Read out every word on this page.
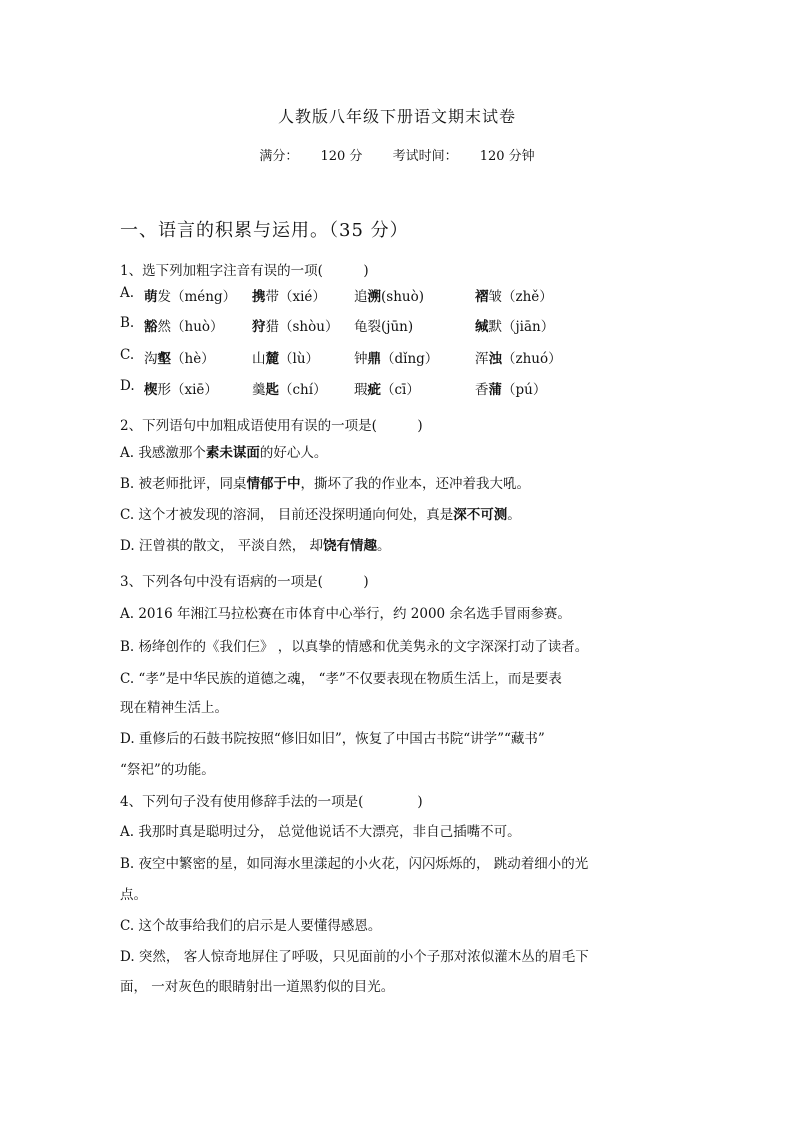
人教版八年级下册语文期末试卷
满分： 120 分 考试时间： 120 分钟
一、语言的积累与运用。（35 分）
1、选下列加粗字注音有误的一项(　　　)
A. 萌发（méng） 携带（xié） 追溯(shuò)	褶皱（zhě）
B. 豁然（huò） 狩猎（shòu） 龟裂(jūn)	缄默（jiān）
C. 沟壑（hè）	山麓（lù）	钟鼎（dǐng）	浑浊（zhuó）
D. 楔形（xiē）	羹匙（chí） 瑕疵（cī）	香蒲（pú）
2、下列语句中加粗成语使用有误的一项是(　　　)
A. 我感激那个素未谋面的好心人。
B. 被老师批评，同桌情郁于中，撕坏了我的作业本，还冲着我大吼。
C. 这个才被发现的溶洞， 目前还没探明通向何处，真是深不可测。
D. 汪曾祺的散文， 平淡自然， 却饶有情趣。
3、下列各句中没有语病的一项是(　　　)
A. 2016 年湘江马拉松赛在市体育中心举行，约 2000 余名选手冒雨参赛。
B. 杨绛创作的《我们仨》 ，以真挚的情感和优美隽永的文字深深打动了读者。
C. “孝”是中华民族的道德之魂， “孝”不仅要表现在物质生活上，而是要表
现在精神生活上。
D. 重修后的石鼓书院按照“修旧如旧”，恢复了中国古书院“讲学”“藏书”
“祭祀”的功能。
4、下列句子没有使用修辞手法的一项是(　　　　)
A. 我那时真是聪明过分， 总觉他说话不大漂亮，非自己插嘴不可。
B. 夜空中繁密的星，如同海水里漾起的小火花，闪闪烁烁的， 跳动着细小的光
点。
C. 这个故事给我们的启示是人要懂得感恩。
D. 突然， 客人惊奇地屏住了呼吸，只见面前的小个子那对浓似灌木丛的眉毛下
面， 一对灰色的眼睛射出一道黑豹似的目光。
